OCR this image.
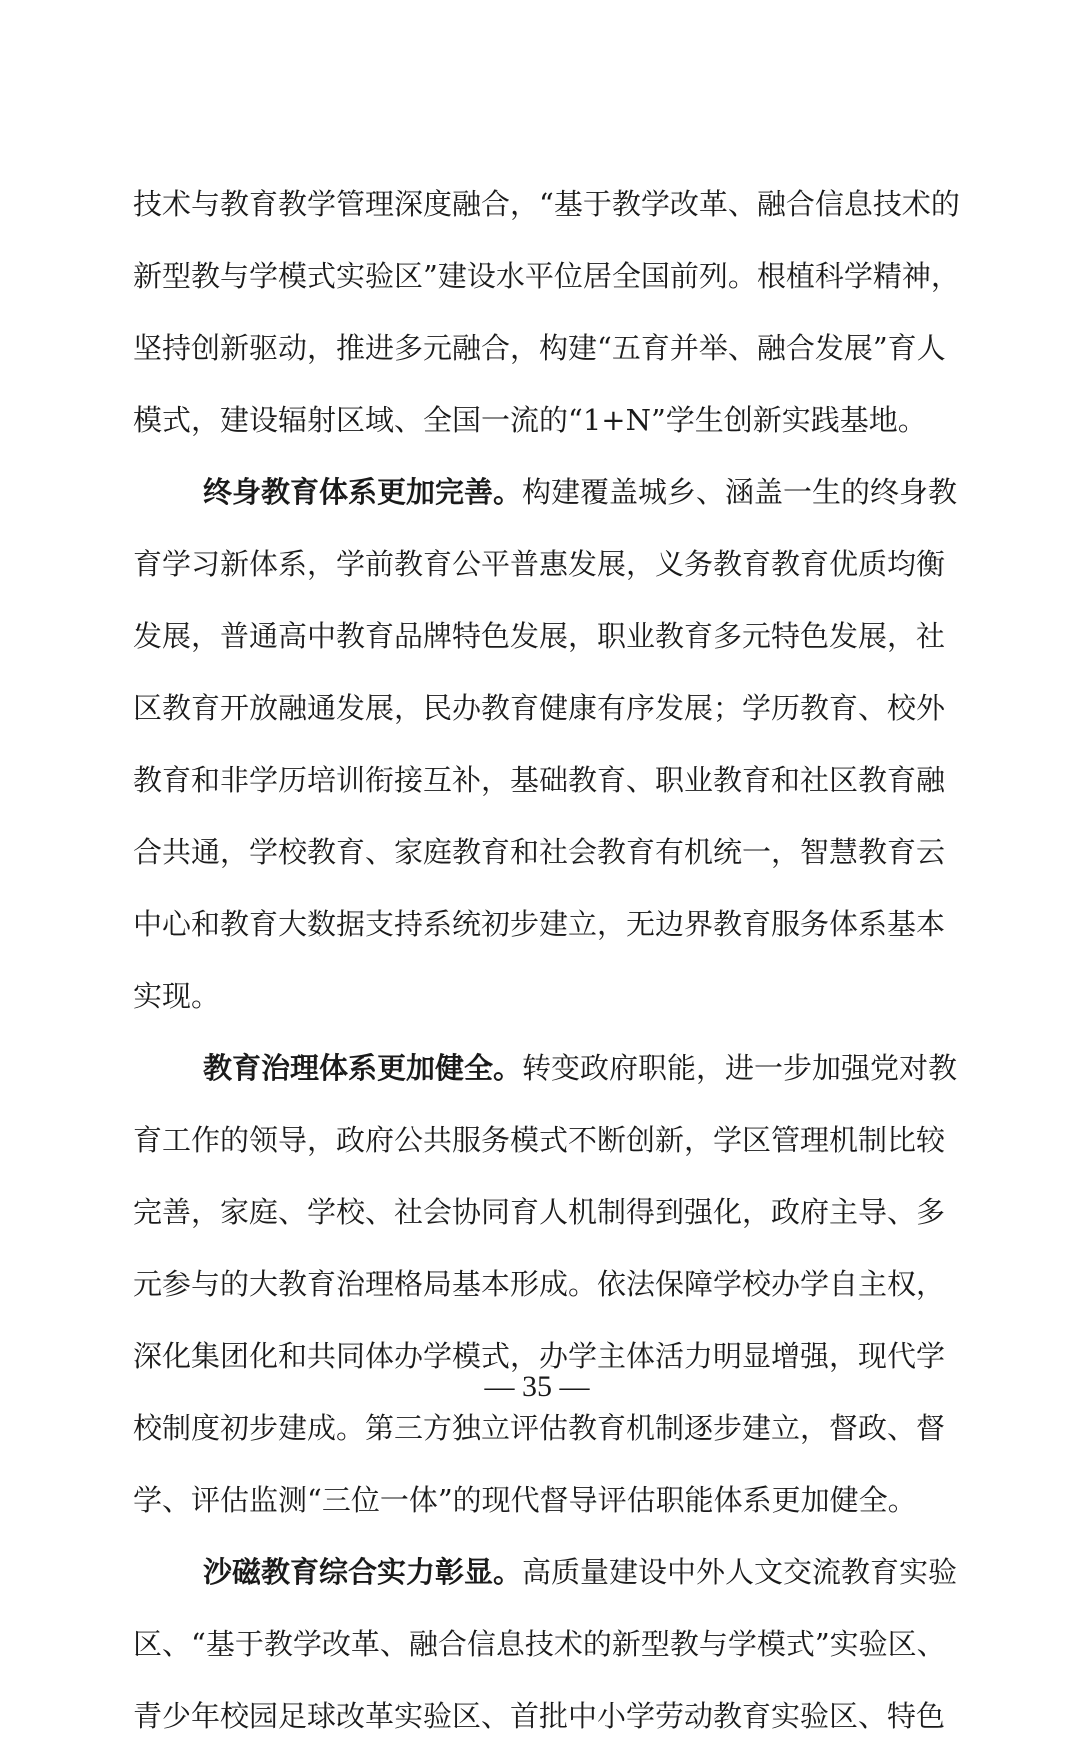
技术与教育教学管理深度融合，“基于教学改革、融合信息技术的
新型教与学模式实验区”建设水平位居全国前列。根植科学精神，
坚持创新驱动，推进多元融合，构建“五育并举、融合发展”育人
模式，建设辐射区域、全国一流的“1+N”学生创新实践基地。
终身教育体系更加完善。构建覆盖城乡、涵盖一生的终身教
育学习新体系，学前教育公平普惠发展，义务教育教育优质均衡
发展，普通高中教育品牌特色发展，职业教育多元特色发展，社
区教育开放融通发展，民办教育健康有序发展；学历教育、校外
教育和非学历培训衔接互补，基础教育、职业教育和社区教育融
合共通，学校教育、家庭教育和社会教育有机统一，智慧教育云
中心和教育大数据支持系统初步建立，无边界教育服务体系基本
实现。
教育治理体系更加健全。转变政府职能，进一步加强党对教
育工作的领导，政府公共服务模式不断创新，学区管理机制比较
完善，家庭、学校、社会协同育人机制得到强化，政府主导、多
元参与的大教育治理格局基本形成。依法保障学校办学自主权，
深化集团化和共同体办学模式，办学主体活力明显增强，现代学
校制度初步建成。第三方独立评估教育机制逐步建立，督政、督
学、评估监测“三位一体”的现代督导评估职能体系更加健全。
沙磁教育综合实力彰显。高质量建设中外人文交流教育实验
区、“基于教学改革、融合信息技术的新型教与学模式”实验区、
青少年校园足球改革实验区、首批中小学劳动教育实验区、特色
— 35 —
